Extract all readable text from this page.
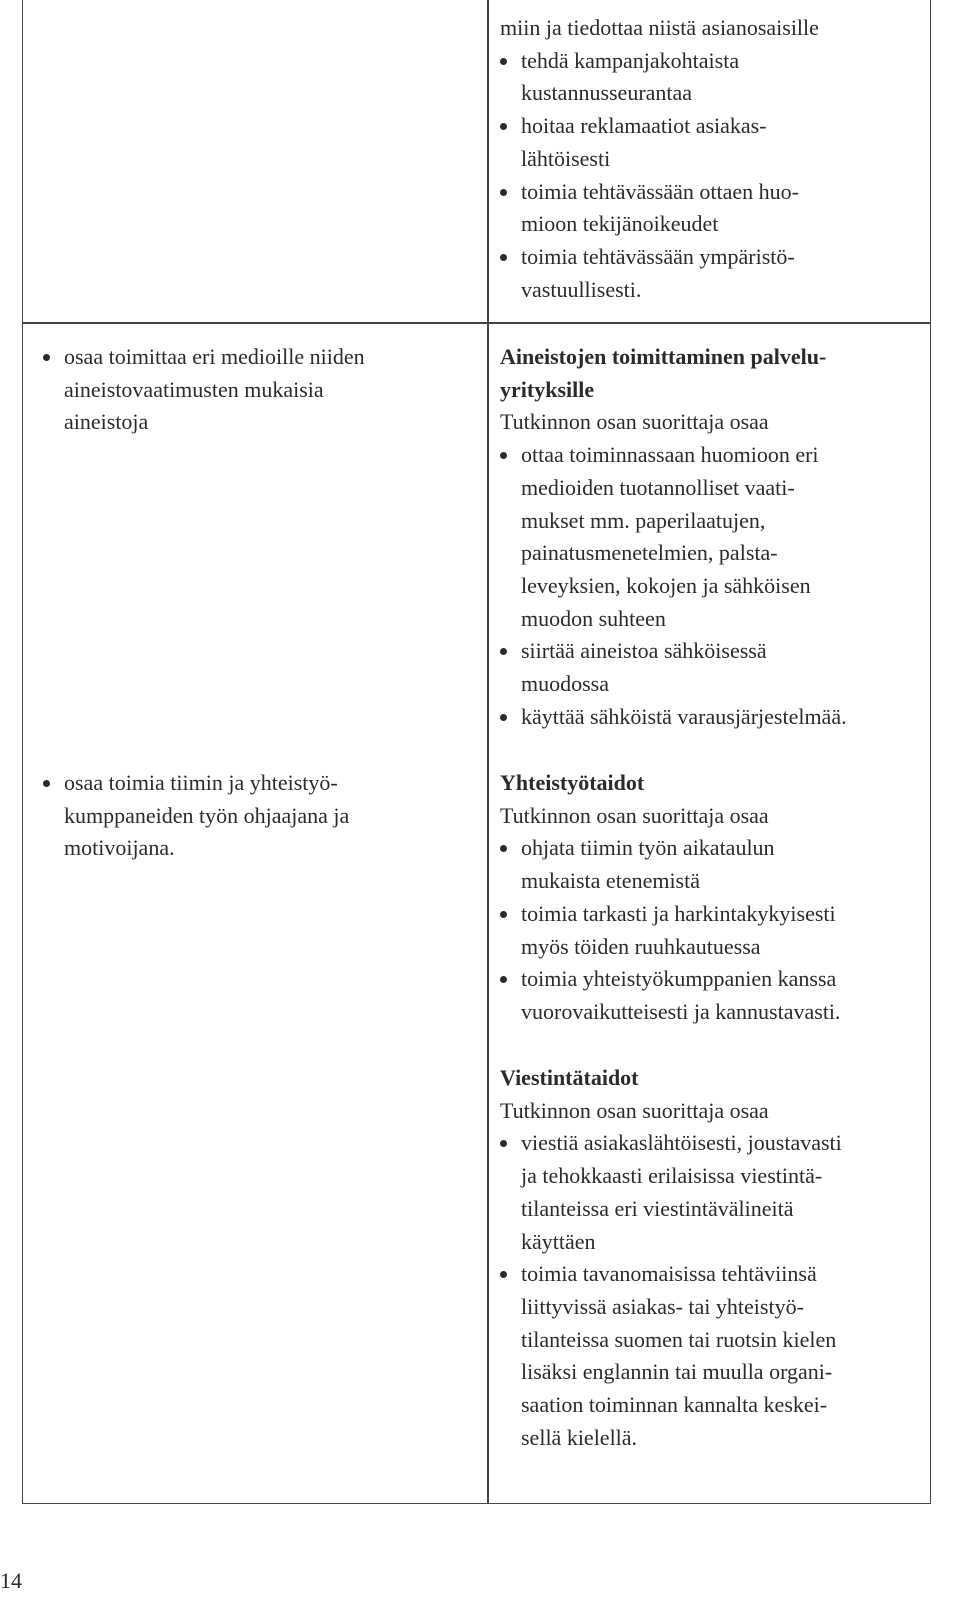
miin ja tiedottaa niistä asianosaisille
tehdä kampanjakohtaista
kustannusseurantaa
hoitaa reklamaatiot asiakas-
lähtöisesti
toimia tehtävässään ottaen huo-
mioon tekijänoikeudet
toimia tehtävässään ympäristö-
vastuullisesti.
osaa toimittaa eri medioille niiden
aineistovaatimusten mukaisia
aineistoja
osaa toimia tiimin ja yhteistyö-
kumppaneiden työn ohjaajana ja
motivoijana.
Aineistojen toimittaminen palvelu-
yrityksille
Tutkinnon osan suorittaja osaa
ottaa toiminnassaan huomioon eri
medioiden tuotannolliset vaati-
mukset mm. paperilaatujen,
painatusmenetelmien, palsta-
leveyksien, kokojen ja sähköisen
muodon suhteen
siirtää aineistoa sähköisessä
muodossa
käyttää sähköistä varausjärjestelmää.
Yhteistyötaidot
Tutkinnon osan suorittaja osaa
ohjata tiimin työn aikataulun
mukaista etenemistä
toimia tarkasti ja harkintakykyisesti
myös töiden ruuhkautuessa
toimia yhteistyökumppanien kanssa
vuorovaikutteisesti ja kannustavasti.
Viestintätaidot
Tutkinnon osan suorittaja osaa
viestiä asiakaslähtöisesti, joustavasti
ja tehokkaasti erilaisissa viestintä-
tilanteissa eri viestintävälineitä
käyttäen
toimia tavanomaisissa tehtäviinsä
liittyvissä asiakas- tai yhteistyö-
tilanteissa suomen tai ruotsin kielen
lisäksi englannin tai muulla organi-
saation toiminnan kannalta keskei-
sellä kielellä.
14
